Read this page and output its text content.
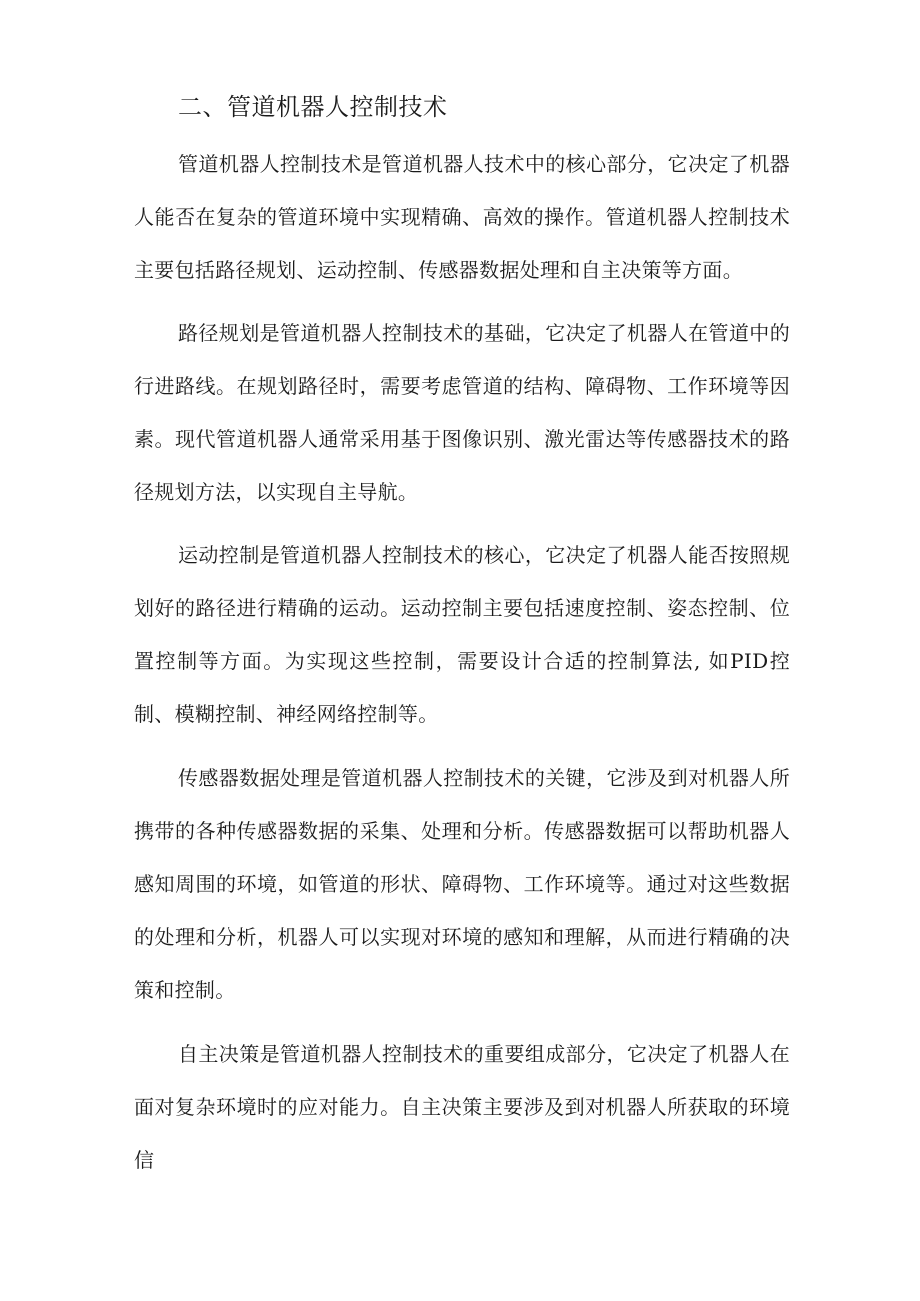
二、管道机器人控制技术

管道机器人控制技术是管道机器人技术中的核心部分，它决定了机器人能否在复杂的管道环境中实现精确、高效的操作。管道机器人控制技术主要包括路径规划、运动控制、传感器数据处理和自主决策等方面。

路径规划是管道机器人控制技术的基础，它决定了机器人在管道中的行进路线。在规划路径时，需要考虑管道的结构、障碍物、工作环境等因素。现代管道机器人通常采用基于图像识别、激光雷达等传感器技术的路径规划方法，以实现自主导航。

运动控制是管道机器人控制技术的核心，它决定了机器人能否按照规划好的路径进行精确的运动。运动控制主要包括速度控制、姿态控制、位置控制等方面。为实现这些控制，需要设计合适的控制算法, 如PID控制、模糊控制、神经网络控制等。

传感器数据处理是管道机器人控制技术的关键，它涉及到对机器人所携带的各种传感器数据的采集、处理和分析。传感器数据可以帮助机器人感知周围的环境，如管道的形状、障碍物、工作环境等。通过对这些数据的处理和分析，机器人可以实现对环境的感知和理解，从而进行精确的决策和控制。

自主决策是管道机器人控制技术的重要组成部分，它决定了机器人在面对复杂环境时的应对能力。自主决策主要涉及到对机器人所获取的环境信
